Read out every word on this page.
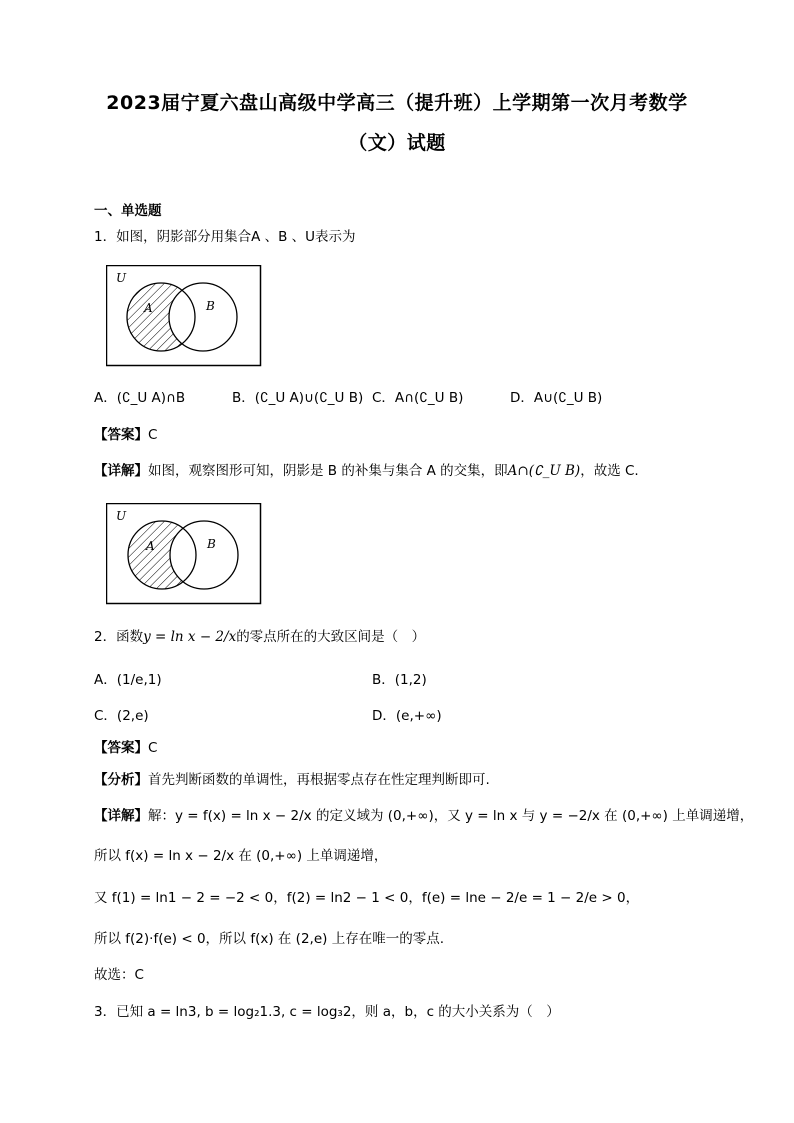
2023届宁夏六盘山高级中学高三（提升班）上学期第一次月考数学
（文）试题
一、单选题
1．如图，阴影部分用集合A 、B 、U表示为
U
A	B
A．(∁_U A)∩B	B．(∁_U A)∪(∁_U B) C．A∩(∁_U B)	D．A∪(∁_U B)
【答案】C
【详解】如图，观察图形可知，阴影是 B 的补集与集合 A 的交集，即A∩(∁_U B)，故选 C.
U
A	B
2．函数y = ln x − 2/x的零点所在的大致区间是（　）
A．(1/e,1)	B．(1,2)
C．(2,e)	D．(e,+∞)
【答案】C
【分析】首先判断函数的单调性，再根据零点存在性定理判断即可.
【详解】解：y = f(x) = ln x − 2/x 的定义域为 (0,+∞)，又 y = ln x 与 y = −2/x 在 (0,+∞) 上单调递增，
所以 f(x) = ln x − 2/x 在 (0,+∞) 上单调递增，
又 f(1) = ln1 − 2 = −2 < 0，f(2) = ln2 − 1 < 0，f(e) = lne − 2/e = 1 − 2/e > 0，
所以 f(2)·f(e) < 0，所以 f(x) 在 (2,e) 上存在唯一的零点.
故选：C
3．已知 a = ln3, b = log₂1.3, c = log₃2，则 a，b，c 的大小关系为（　）
